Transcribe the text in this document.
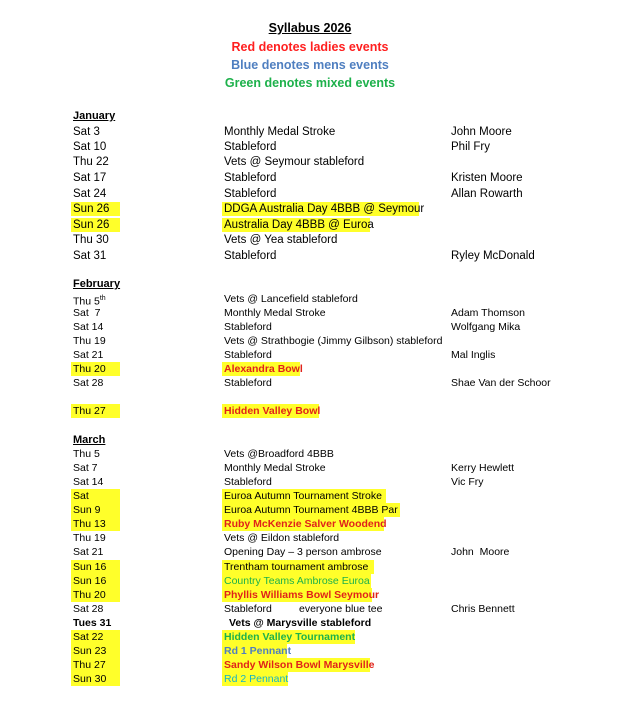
Syllabus 2026
Red denotes ladies events
Blue denotes mens events
Green denotes mixed events
January
Sat 3	Monthly Medal Stroke	John Moore
Sat 10	Stableford	Phil Fry
Thu 22	Vets @ Seymour stableford
Sat 17	Stableford	Kristen Moore
Sat 24	Stableford	Allan Rowarth
Sun 26	DDGA Australia Day 4BBB @ Seymour
Sun 26	Australia Day 4BBB @ Euroa
Thu 30	Vets @ Yea stableford
Sat 31	Stableford	Ryley McDonald
February
Thu 5th	Vets @ Lancefield stableford
Sat  7	Monthly Medal Stroke	Adam Thomson
Sat 14	Stableford	Wolfgang Mika
Thu 19	Vets @ Strathbogie (Jimmy Gilbson) stableford
Sat 21	Stableford	Mal Inglis
Thu 20	Alexandra Bowl
Sat 28	Stableford	Shae Van der Schoor
Thu 27	Hidden Valley Bowl
March
Thu 5	Vets @Broadford 4BBB
Sat 7	Monthly Medal Stroke	Kerry Hewlett
Sat 14	Stableford	Vic Fry
Sat	Euroa Autumn Tournament Stroke
Sun 9	Euroa Autumn Tournament 4BBB Par
Thu 13	Ruby McKenzie Salver Woodend
Thu 19	Vets @ Eildon stableford
Sat 21	Opening Day – 3 person ambrose	John  Moore
Sun 16	Trentham tournament ambrose
Sun 16	Country Teams Ambrose Euroa
Thu 20	Phyllis Williams Bowl Seymour
Sat 28	Stableford	everyone blue tee	Chris Bennett
Tues 31	Vets @ Marysville stableford
Sat 22	Hidden Valley Tournament
Sun 23	Rd 1 Pennant
Thu 27	Sandy Wilson Bowl Marysville
Sun 30	Rd 2 Pennant
